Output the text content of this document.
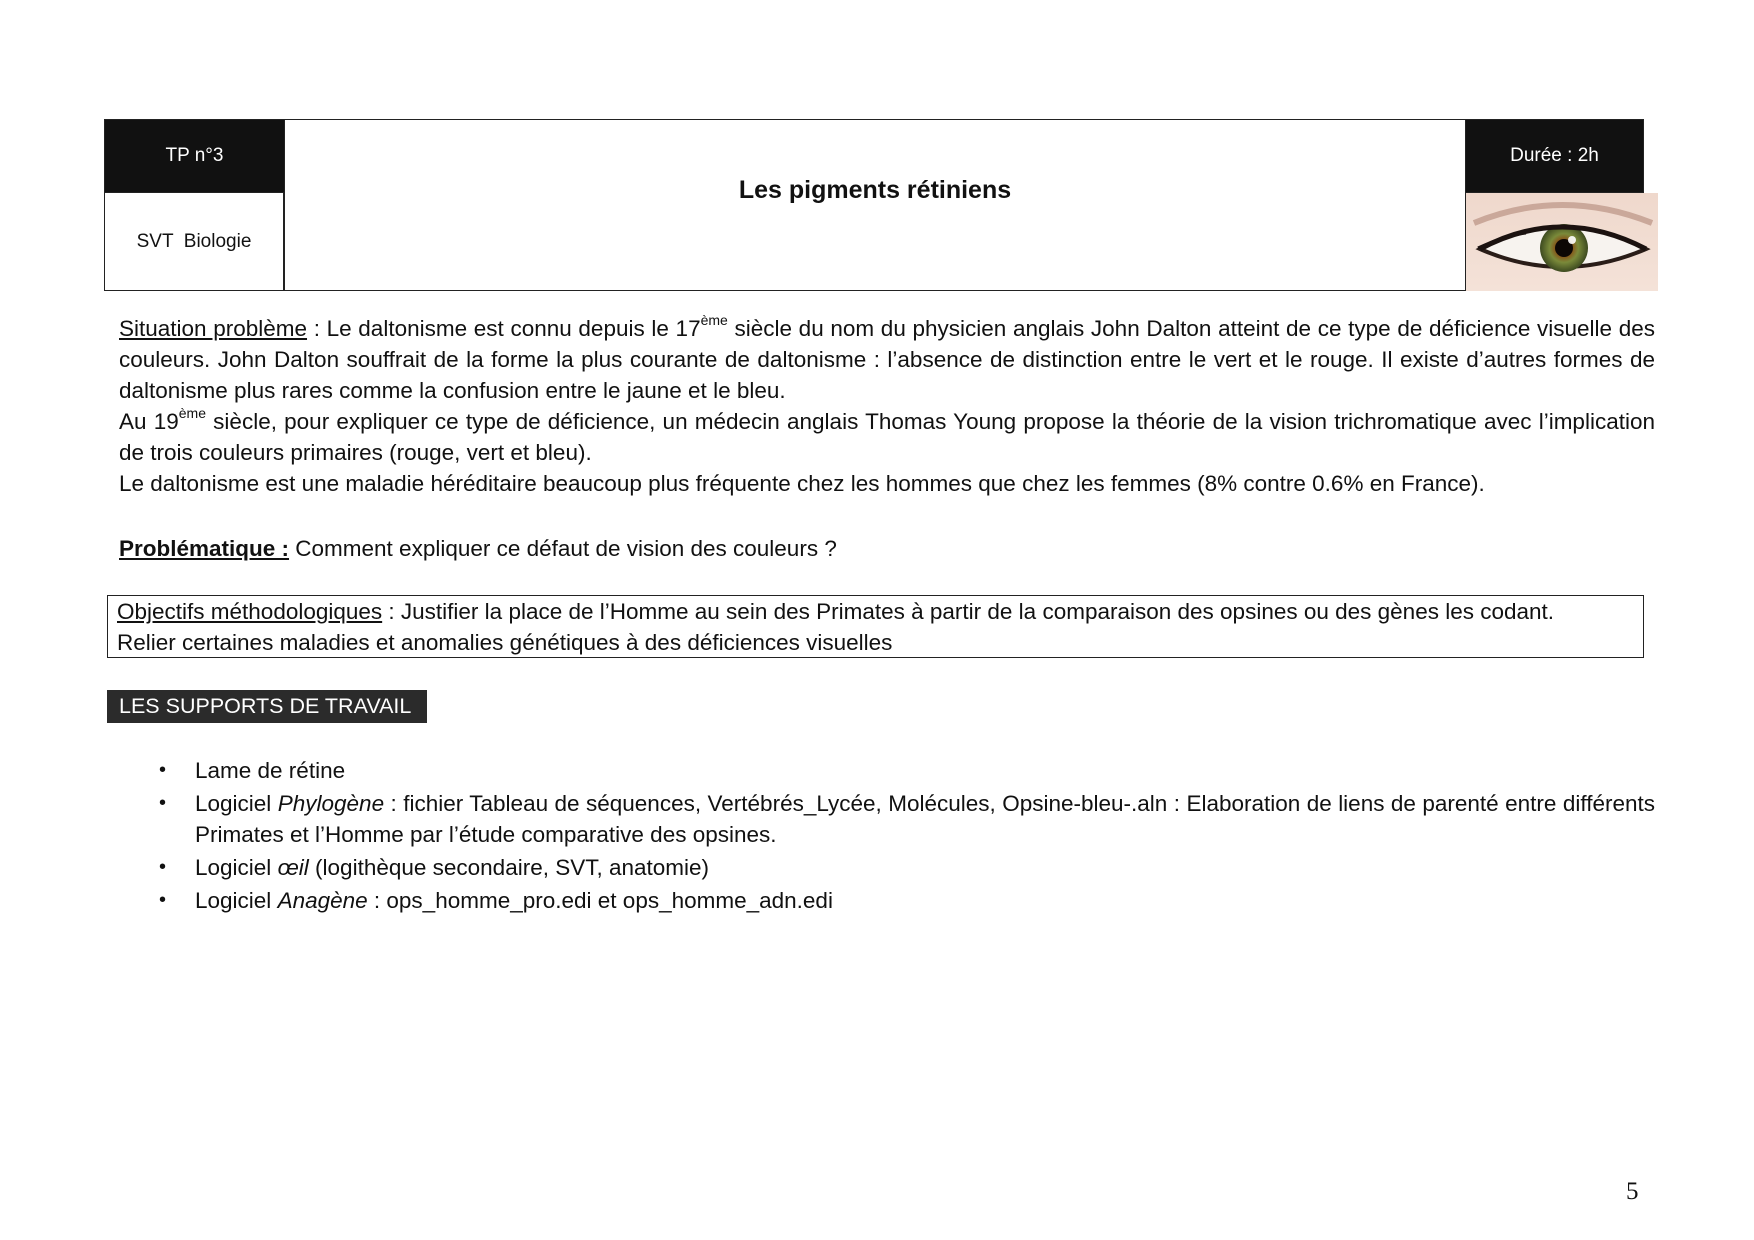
TP n°3
SVT  Biologie
Les pigments rétiniens
Durée : 2h
Situation problème : Le daltonisme est connu depuis le 17ème siècle du nom du physicien anglais John Dalton atteint de ce type de déficience visuelle des couleurs. John Dalton souffrait de la forme la plus courante de daltonisme : l’absence de distinction entre le vert et le rouge. Il existe d’autres formes de daltonisme plus rares comme la confusion entre le jaune et le bleu.
Au 19ème siècle, pour expliquer ce type de déficience, un médecin anglais Thomas Young propose la théorie de la vision trichromatique avec l’implication de trois couleurs primaires (rouge, vert et bleu).
Le daltonisme est une maladie héréditaire beaucoup plus fréquente chez les hommes que chez les femmes (8% contre 0.6% en France).
Problématique : Comment expliquer ce défaut de vision des couleurs ?
Objectifs méthodologiques : Justifier la place de l’Homme au sein des Primates à partir de la comparaison des opsines ou des gènes les codant.
Relier certaines maladies et anomalies génétiques à des déficiences visuelles
LES SUPPORTS DE TRAVAIL
• Lame de rétine
• Logiciel Phylogène : fichier Tableau de séquences, Vertébrés_Lycée, Molécules, Opsine-bleu-.aln : Elaboration de liens de parenté entre différents Primates et l’Homme par l’étude comparative des opsines.
• Logiciel œil (logithèque secondaire, SVT, anatomie)
• Logiciel Anagène : ops_homme_pro.edi et ops_homme_adn.edi
5
